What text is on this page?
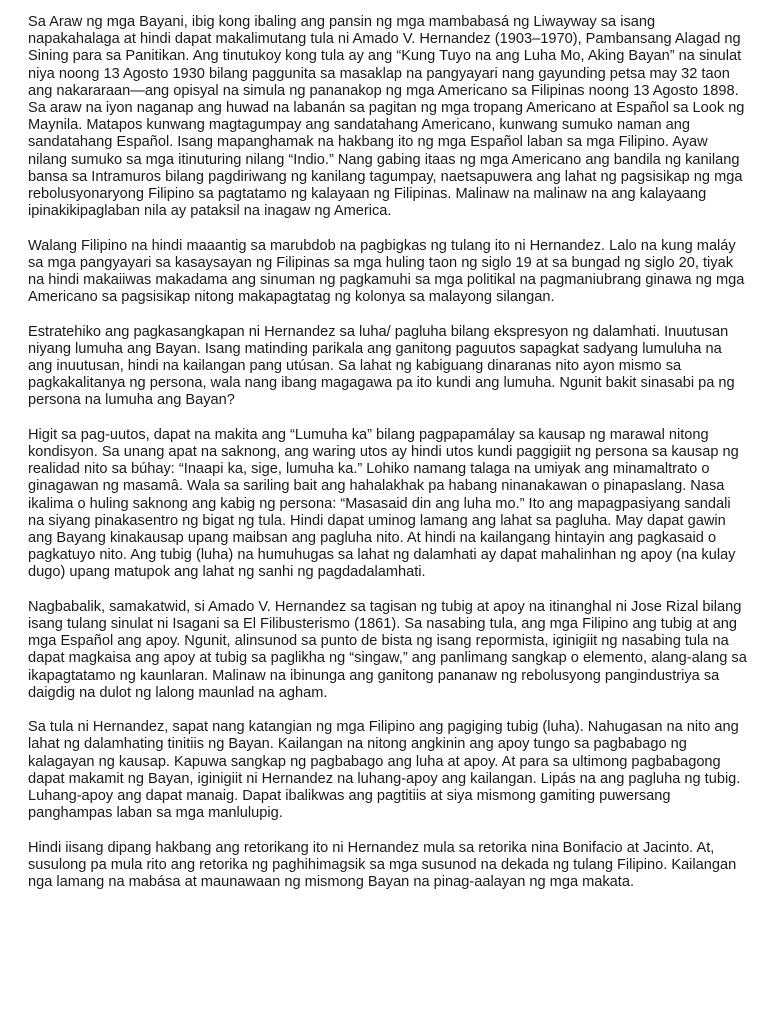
Sa Araw ng mga Bayani, ibig kong ibaling ang pansin ng mga mambabasá ng Liwayway sa isang napakahalaga at hindi dapat makalimutang tula ni Amado V. Hernandez (1903–1970), Pambansang Alagad ng Sining para sa Panitikan. Ang tinutukoy kong tula ay ang “Kung Tuyo na ang Luha Mo, Aking Bayan” na sinulat niya noong 13 Agosto 1930 bilang paggunita sa masaklap na pangyayari nang gayunding petsa may 32 taon ang nakararaan—ang opisyal na simula ng pananakop ng mga Americano sa Filipinas noong 13 Agosto 1898. Sa araw na iyon naganap ang huwad na labanán sa pagitan ng mga tropang Americano at Español sa Look ng Maynila. Matapos kunwang magtagumpay ang sandatahang Americano, kunwang sumuko naman ang sandatahang Español. Isang mapanghamak na hakbang ito ng mga Español laban sa mga Filipino. Ayaw nilang sumuko sa mga itinuturing nilang “Indio.” Nang gabing itaas ng mga Americano ang bandila ng kanilang bansa sa Intramuros bilang pagdiriwang ng kanilang tagumpay, naetsapuwera ang lahat ng pagsisikap ng mga rebolusyonaryong Filipino sa pagtatamo ng kalayaan ng Filipinas. Malinaw na malinaw na ang kalayaang ipinakikipaglaban nila ay pataksil na inagaw ng America.

Walang Filipino na hindi maaantig sa marubdob na pagbigkas ng tulang ito ni Hernandez. Lalo na kung maláy sa mga pangyayari sa kasaysayan ng Filipinas sa mga huling taon ng siglo 19 at sa bungad ng siglo 20, tiyak na hindi makaiiwas makadama ang sinuman ng pagkamuhi sa mga politikal na pagmaniubrang ginawa ng mga Americano sa pagsisikap nitong makapagtatag ng kolonya sa malayong silangan.

Estratehiko ang pagkasangkapan ni Hernandez sa luha/ pagluha bilang ekspresyon ng dalamhati. Inuutusan niyang lumuha ang Bayan. Isang matinding parikala ang ganitong paguutos sapagkat sadyang lumuluha na ang inuutusan, hindi na kailangan pang utúsan. Sa lahat ng kabiguang dinaranas nito ayon mismo sa pagkakalitanya ng persona, wala nang ibang magagawa pa ito kundi ang lumuha. Ngunit bakit sinasabi pa ng persona na lumuha ang Bayan?

Higit sa pag-uutos, dapat na makita ang “Lumuha ka” bilang pagpapamálay sa kausap ng marawal nitong kondisyon. Sa unang apat na saknong, ang waring utos ay hindi utos kundi paggigiit ng persona sa kausap ng realidad nito sa búhay: “Inaapi ka, sige, lumuha ka.” Lohiko namang talaga na umiyak ang minamaltrato o ginagawan ng masamâ. Wala sa sariling bait ang hahalakhak pa habang ninanakawan o pinapaslang. Nasa ikalima o huling saknong ang kabig ng persona: “Masasaid din ang luha mo.” Ito ang mapagpasiyang sandali na siyang pinakasentro ng bigat ng tula. Hindi dapat uminog lamang ang lahat sa pagluha. May dapat gawin ang Bayang kinakausap upang maibsan ang pagluha nito. At hindi na kailangang hintayin ang pagkasaid o pagkatuyo nito. Ang tubig (luha) na humuhugas sa lahat ng dalamhati ay dapat mahalinhan ng apoy (na kulay dugo) upang matupok ang lahat ng sanhi ng pagdadalamhati.

Nagbabalik, samakatwid, si Amado V. Hernandez sa tagisan ng tubig at apoy na itinanghal ni Jose Rizal bilang isang tulang sinulat ni Isagani sa El Filibusterismo (1861). Sa nasabing tula, ang mga Filipino ang tubig at ang mga Español ang apoy. Ngunit, alinsunod sa punto de bista ng isang repormista, iginigiit ng nasabing tula na dapat magkaisa ang apoy at tubig sa paglikha ng “singaw,” ang panlimang sangkap o elemento, alang-alang sa ikapagtatamo ng kaunlaran. Malinaw na ibinunga ang ganitong pananaw ng rebolusyong pangindustriya sa daigdig na dulot ng lalong maunlad na agham.

Sa tula ni Hernandez, sapat nang katangian ng mga Filipino ang pagiging tubig (luha). Nahugasan na nito ang lahat ng dalamhating tinitiis ng Bayan. Kailangan na nitong angkinin ang apoy tungo sa pagbabago ng kalagayan ng kausap. Kapuwa sangkap ng pagbabago ang luha at apoy. At para sa ultimong pagbabagong dapat makamit ng Bayan, iginigiit ni Hernandez na luhang-apoy ang kailangan. Lipás na ang pagluha ng tubig. Luhang-apoy ang dapat manaig. Dapat ibalikwas ang pagtitiis at siya mismong gamiting puwersang panghampas laban sa mga manlulupig.

Hindi iisang dipang hakbang ang retorikang ito ni Hernandez mula sa retorika nina Bonifacio at Jacinto. At, susulong pa mula rito ang retorika ng paghihimagsik sa mga susunod na dekada ng tulang Filipino. Kailangan nga lamang na mabása at maunawaan ng mismong Bayan na pinag-aalayan ng mga makata.
